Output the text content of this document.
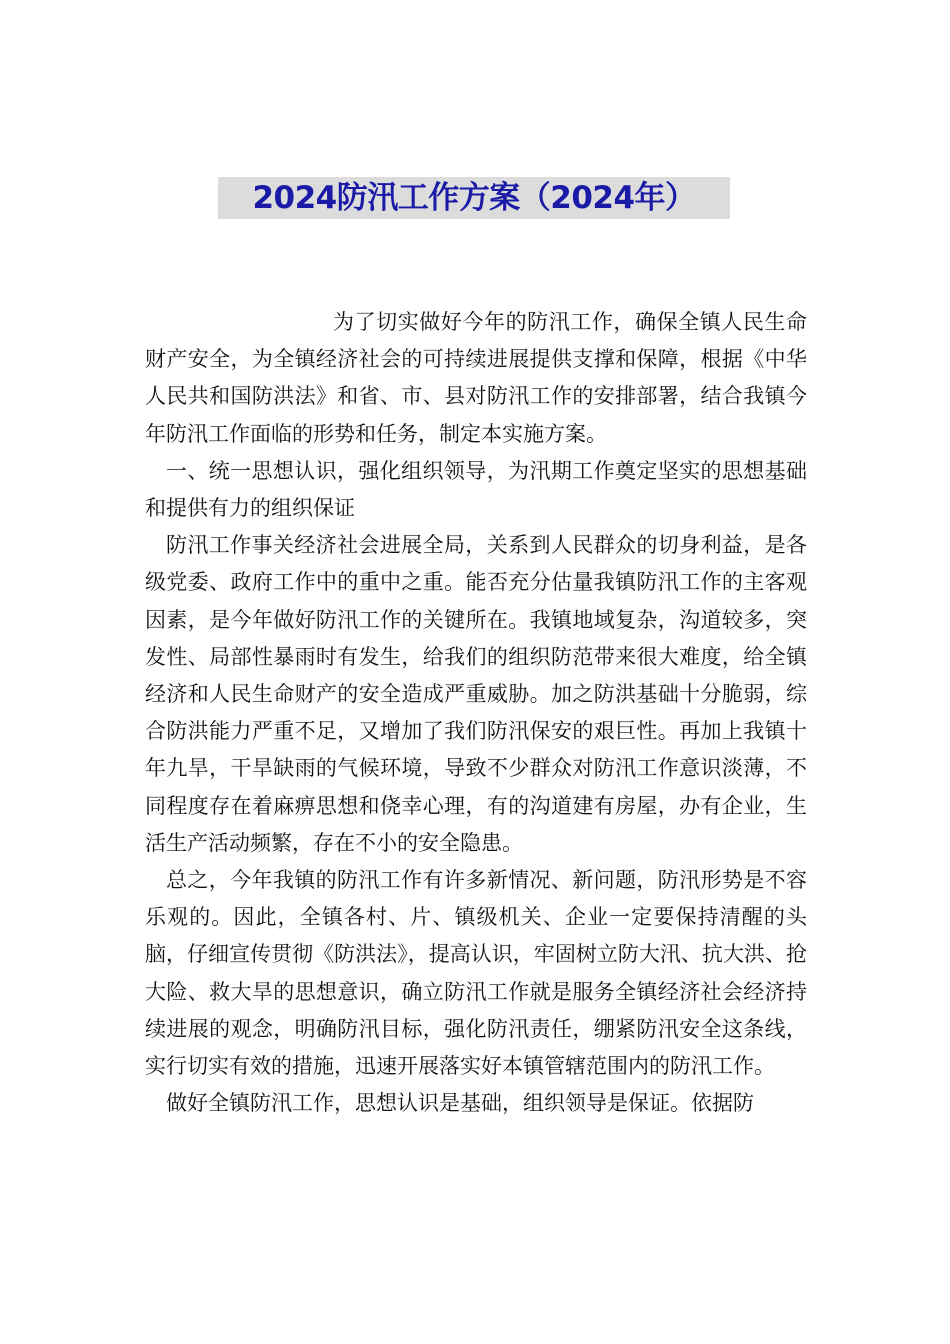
2024防汛工作方案（2024年）

为了切实做好今年的防汛工作，确保全镇人民生命财产安全，为全镇经济社会的可持续进展提供支撑和保障，根据《中华人民共和国防洪法》和省、市、县对防汛工作的安排部署，结合我镇今年防汛工作面临的形势和任务，制定本实施方案。

一、统一思想认识，强化组织领导，为汛期工作奠定坚实的思想基础和提供有力的组织保证

防汛工作事关经济社会进展全局，关系到人民群众的切身利益，是各级党委、政府工作中的重中之重。能否充分估量我镇防汛工作的主客观因素，是今年做好防汛工作的关键所在。我镇地域复杂，沟道较多，突发性、局部性暴雨时有发生，给我们的组织防范带来很大难度，给全镇经济和人民生命财产的安全造成严重威胁。加之防洪基础十分脆弱，综合防洪能力严重不足，又增加了我们防汛保安的艰巨性。再加上我镇十年九旱，干旱缺雨的气候环境，导致不少群众对防汛工作意识淡薄，不同程度存在着麻痹思想和侥幸心理，有的沟道建有房屋，办有企业，生活生产活动频繁，存在不小的安全隐患。

总之，今年我镇的防汛工作有许多新情况、新问题，防汛形势是不容乐观的。因此，全镇各村、片、镇级机关、企业一定要保持清醒的头脑，仔细宣传贯彻《防洪法》，提高认识，牢固树立防大汛、抗大洪、抢大险、救大旱的思想意识，确立防汛工作就是服务全镇经济社会经济持续进展的观念，明确防汛目标，强化防汛责任，绷紧防汛安全这条线，实行切实有效的措施，迅速开展落实好本镇管辖范围内的防汛工作。

做好全镇防汛工作，思想认识是基础，组织领导是保证。依据防
